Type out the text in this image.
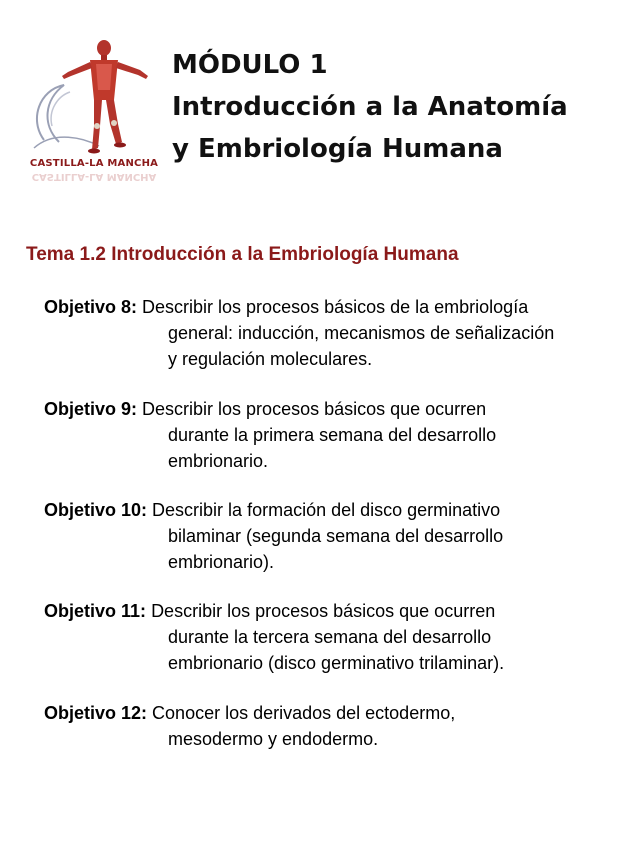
CASTILLA-LA MANCHA
CASTILLA-LA MANCHA
MÓDULO 1
Introducción a la Anatomía
y Embriología Humana
Tema 1.2 Introducción a la Embriología Humana
Objetivo 8: Describir los procesos básicos de la embriología
general: inducción, mecanismos de señalización
y regulación moleculares.
Objetivo 9: Describir los procesos básicos que ocurren
durante la primera semana del desarrollo
embrionario.
Objetivo 10: Describir la formación del disco germinativo
bilaminar (segunda semana del desarrollo
embrionario).
Objetivo 11: Describir los procesos básicos que ocurren
durante la tercera semana del desarrollo
embrionario (disco germinativo trilaminar).
Objetivo 12: Conocer los derivados del ectodermo,
mesodermo y endodermo.
